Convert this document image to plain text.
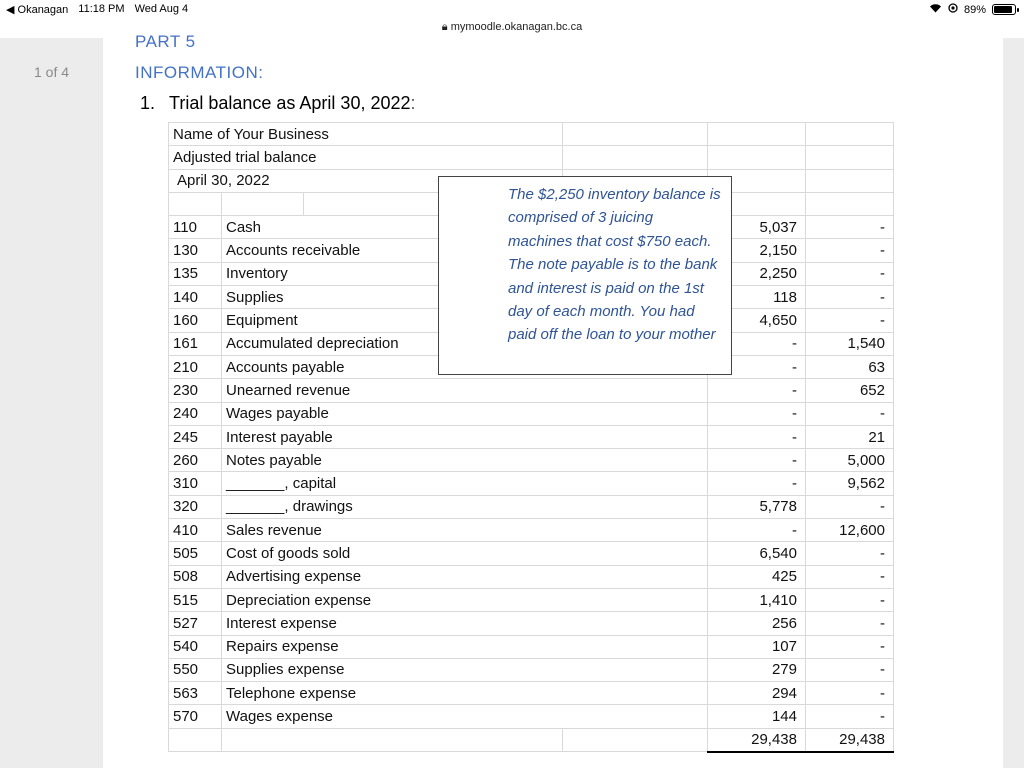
◀ Okanagan 11:18 PM Wed Aug 4	89%
🔒︎ mymoodle.okanagan.bc.ca
1 of 4
PART 5
INFORMATION:
1. Trial balance as April 30, 2022:
Name of Your Business					
Adjusted trial balance					
April 30, 2022					

110	Cash			5,037	-
130	Accounts receivable			2,150	-
135	Inventory			2,250	-
140	Supplies			118	-
160	Equipment			4,650	-
161	Accumulated depreciation			-	1,540
210	Accounts payable			-	63
230	Unearned revenue			-	652
240	Wages payable			-	-
245	Interest payable			-	21
260	Notes payable			-	5,000
310	_______, capital			-	9,562
320	_______, drawings			5,778	-
410	Sales revenue			-	12,600
505	Cost of goods sold			6,540	-
508	Advertising expense			425	-
515	Depreciation expense			1,410	-
527	Interest expense			256	-
540	Repairs expense			107	-
550	Supplies expense			279	-
563	Telephone expense			294	-
570	Wages expense			144	-
				29,438	29,438
The $2,250 inventory balance is comprised of 3 juicing machines that cost $750 each. The note payable is to the bank and interest is paid on the 1st day of each month. You had paid off the loan to your mother
